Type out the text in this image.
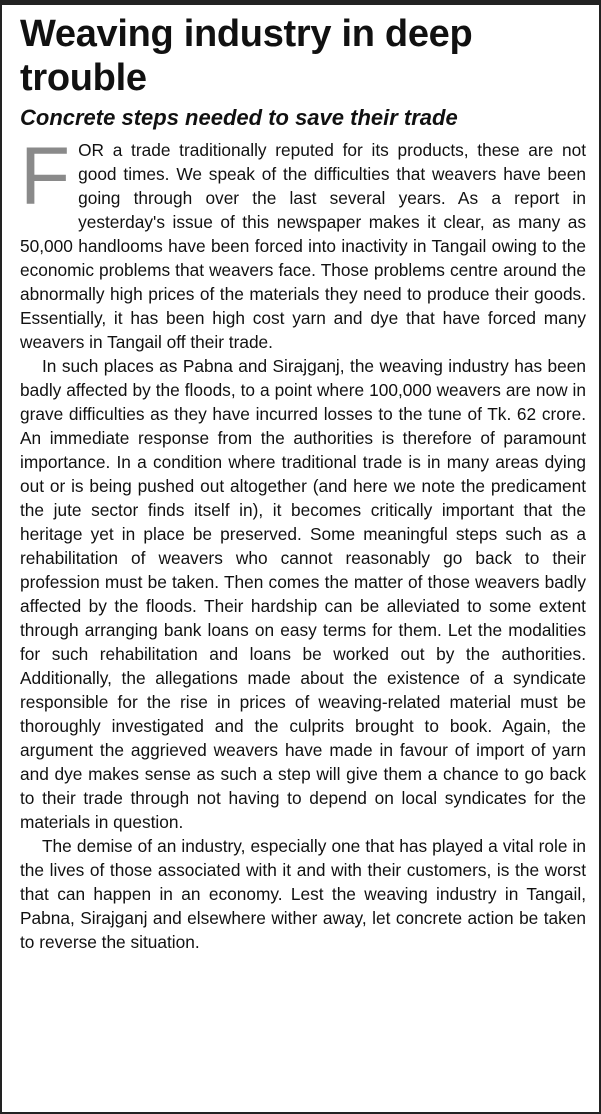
Weaving industry in deep trouble
Concrete steps needed to save their trade

FOR a trade traditionally reputed for its products, these are not good times. We speak of the difficulties that weavers have been going through over the last several years. As a report in yesterday's issue of this newspaper makes it clear, as many as 50,000 handlooms have been forced into inactivity in Tangail owing to the economic problems that weavers face. Those problems centre around the abnormally high prices of the materials they need to produce their goods. Essentially, it has been high cost yarn and dye that have forced many weavers in Tangail off their trade.

In such places as Pabna and Sirajganj, the weaving industry has been badly affected by the floods, to a point where 100,000 weavers are now in grave difficulties as they have incurred losses to the tune of Tk. 62 crore. An immediate response from the authorities is therefore of paramount importance. In a condition where traditional trade is in many areas dying out or is being pushed out altogether (and here we note the predicament the jute sector finds itself in), it becomes critically important that the heritage yet in place be preserved. Some meaningful steps such as a rehabilitation of weavers who cannot reasonably go back to their profession must be taken. Then comes the matter of those weavers badly affected by the floods. Their hardship can be alleviated to some extent through arranging bank loans on easy terms for them. Let the modalities for such rehabilitation and loans be worked out by the authorities. Additionally, the allegations made about the existence of a syndicate responsible for the rise in prices of weaving-related material must be thoroughly investigated and the culprits brought to book. Again, the argument the aggrieved weavers have made in favour of import of yarn and dye makes sense as such a step will give them a chance to go back to their trade through not having to depend on local syndicates for the materials in question.

The demise of an industry, especially one that has played a vital role in the lives of those associated with it and with their customers, is the worst that can happen in an economy. Lest the weaving industry in Tangail, Pabna, Sirajganj and elsewhere wither away, let concrete action be taken to reverse the situation.
